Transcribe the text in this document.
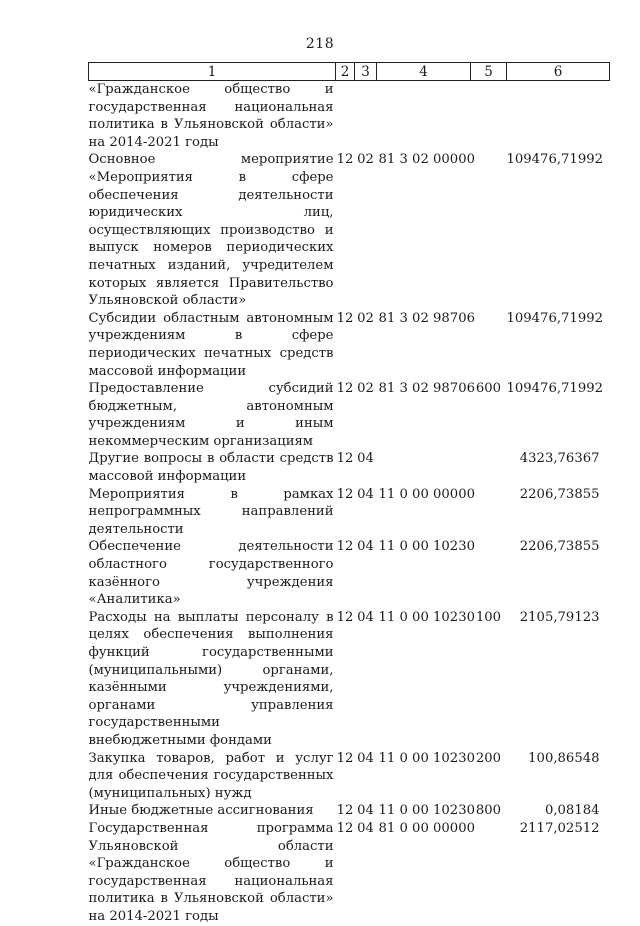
218
1	2	3	4	5	6
«Гражданское общество и государственная национальная политика в Ульяновской области» на 2014-2021 годы					
Основное мероприятие «Мероприятия в сфере обеспечения деятельности юридических лиц, осуществляющих производство и выпуск номеров периодических печатных изданий, учредителем которых является Правительство Ульяновской области»	12	02	81 3 02 00000		109476,71992
Субсидии областным автономным учреждениям в сфере периодических печатных средств массовой информации	12	02	81 3 02 98706		109476,71992
Предоставление субсидий бюджетным, автономным учреждениям и иным некоммерческим организациям	12	02	81 3 02 98706	600	109476,71992
Другие вопросы в области средств массовой информации	12	04			4323,76367
Мероприятия в рамках непрограммных направлений деятельности	12	04	11 0 00 00000		2206,73855
Обеспечение деятельности областного государственного казённого учреждения «Аналитика»	12	04	11 0 00 10230		2206,73855
Расходы на выплаты персоналу в целях обеспечения выполнения функций государственными (муниципальными) органами, казёнными учреждениями, органами управления государственными внебюджетными фондами	12	04	11 0 00 10230	100	2105,79123
Закупка товаров, работ и услуг для обеспечения государственных (муниципальных) нужд	12	04	11 0 00 10230	200	100,86548
Иные бюджетные ассигнования	12	04	11 0 00 10230	800	0,08184
Государственная программа Ульяновской области «Гражданское общество и государственная национальная политика в Ульяновской области» на 2014-2021 годы	12	04	81 0 00 00000		2117,02512
